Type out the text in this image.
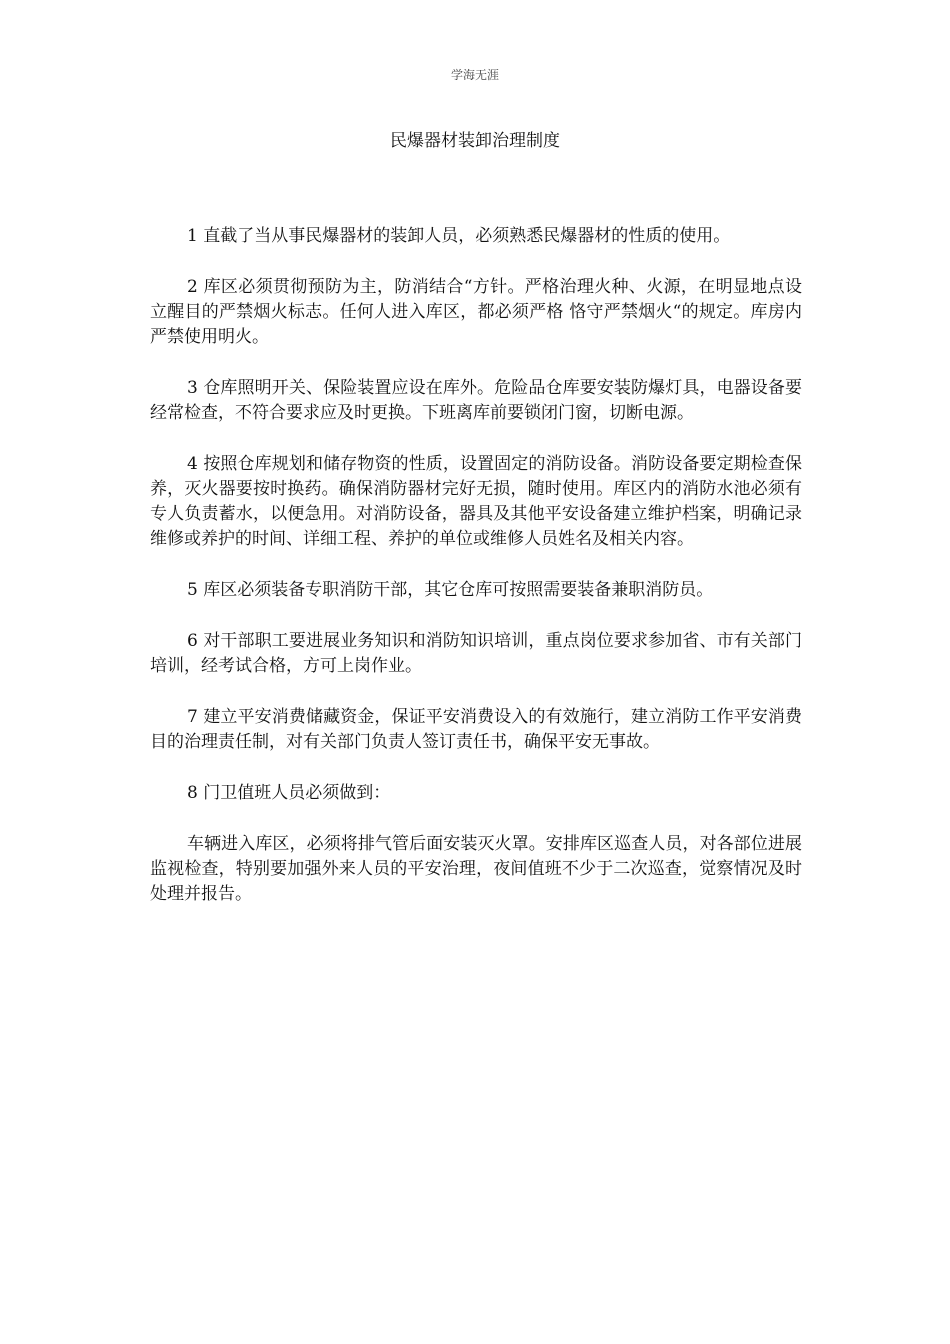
学海无涯
民爆器材装卸治理制度

1 直截了当从事民爆器材的装卸人员，必须熟悉民爆器材的性质的使用。

2 库区必须贯彻预防为主，防消结合“方针。严格治理火种、火源，在明显地点设立醒目的严禁烟火标志。任何人进入库区，都必须严格 恪守严禁烟火“的规定。库房内严禁使用明火。

3 仓库照明开关、保险装置应设在库外。危险品仓库要安装防爆灯具，电器设备要经常检查，不符合要求应及时更换。下班离库前要锁闭门窗，切断电源。

4 按照仓库规划和储存物资的性质，设置固定的消防设备。消防设备要定期检查保养，灭火器要按时换药。确保消防器材完好无损，随时使用。库区内的消防水池必须有专人负责蓄水，以便急用。对消防设备，器具及其他平安设备建立维护档案，明确记录维修或养护的时间、详细工程、养护的单位或维修人员姓名及相关内容。

5 库区必须装备专职消防干部，其它仓库可按照需要装备兼职消防员。

6 对干部职工要进展业务知识和消防知识培训，重点岗位要求参加省、市有关部门 培训，经考试合格，方可上岗作业。

7 建立平安消费储藏资金，保证平安消费设入的有效施行，建立消防工作平安消费目的治理责任制，对有关部门负责人签订责任书，确保平安无事故。

8 门卫值班人员必须做到：

车辆进入库区，必须将排气管后面安装灭火罩。安排库区巡查人员，对各部位进展监视检查，特别要加强外来人员的平安治理，夜间值班不少于二次巡查，觉察情况及时处理并报告。
